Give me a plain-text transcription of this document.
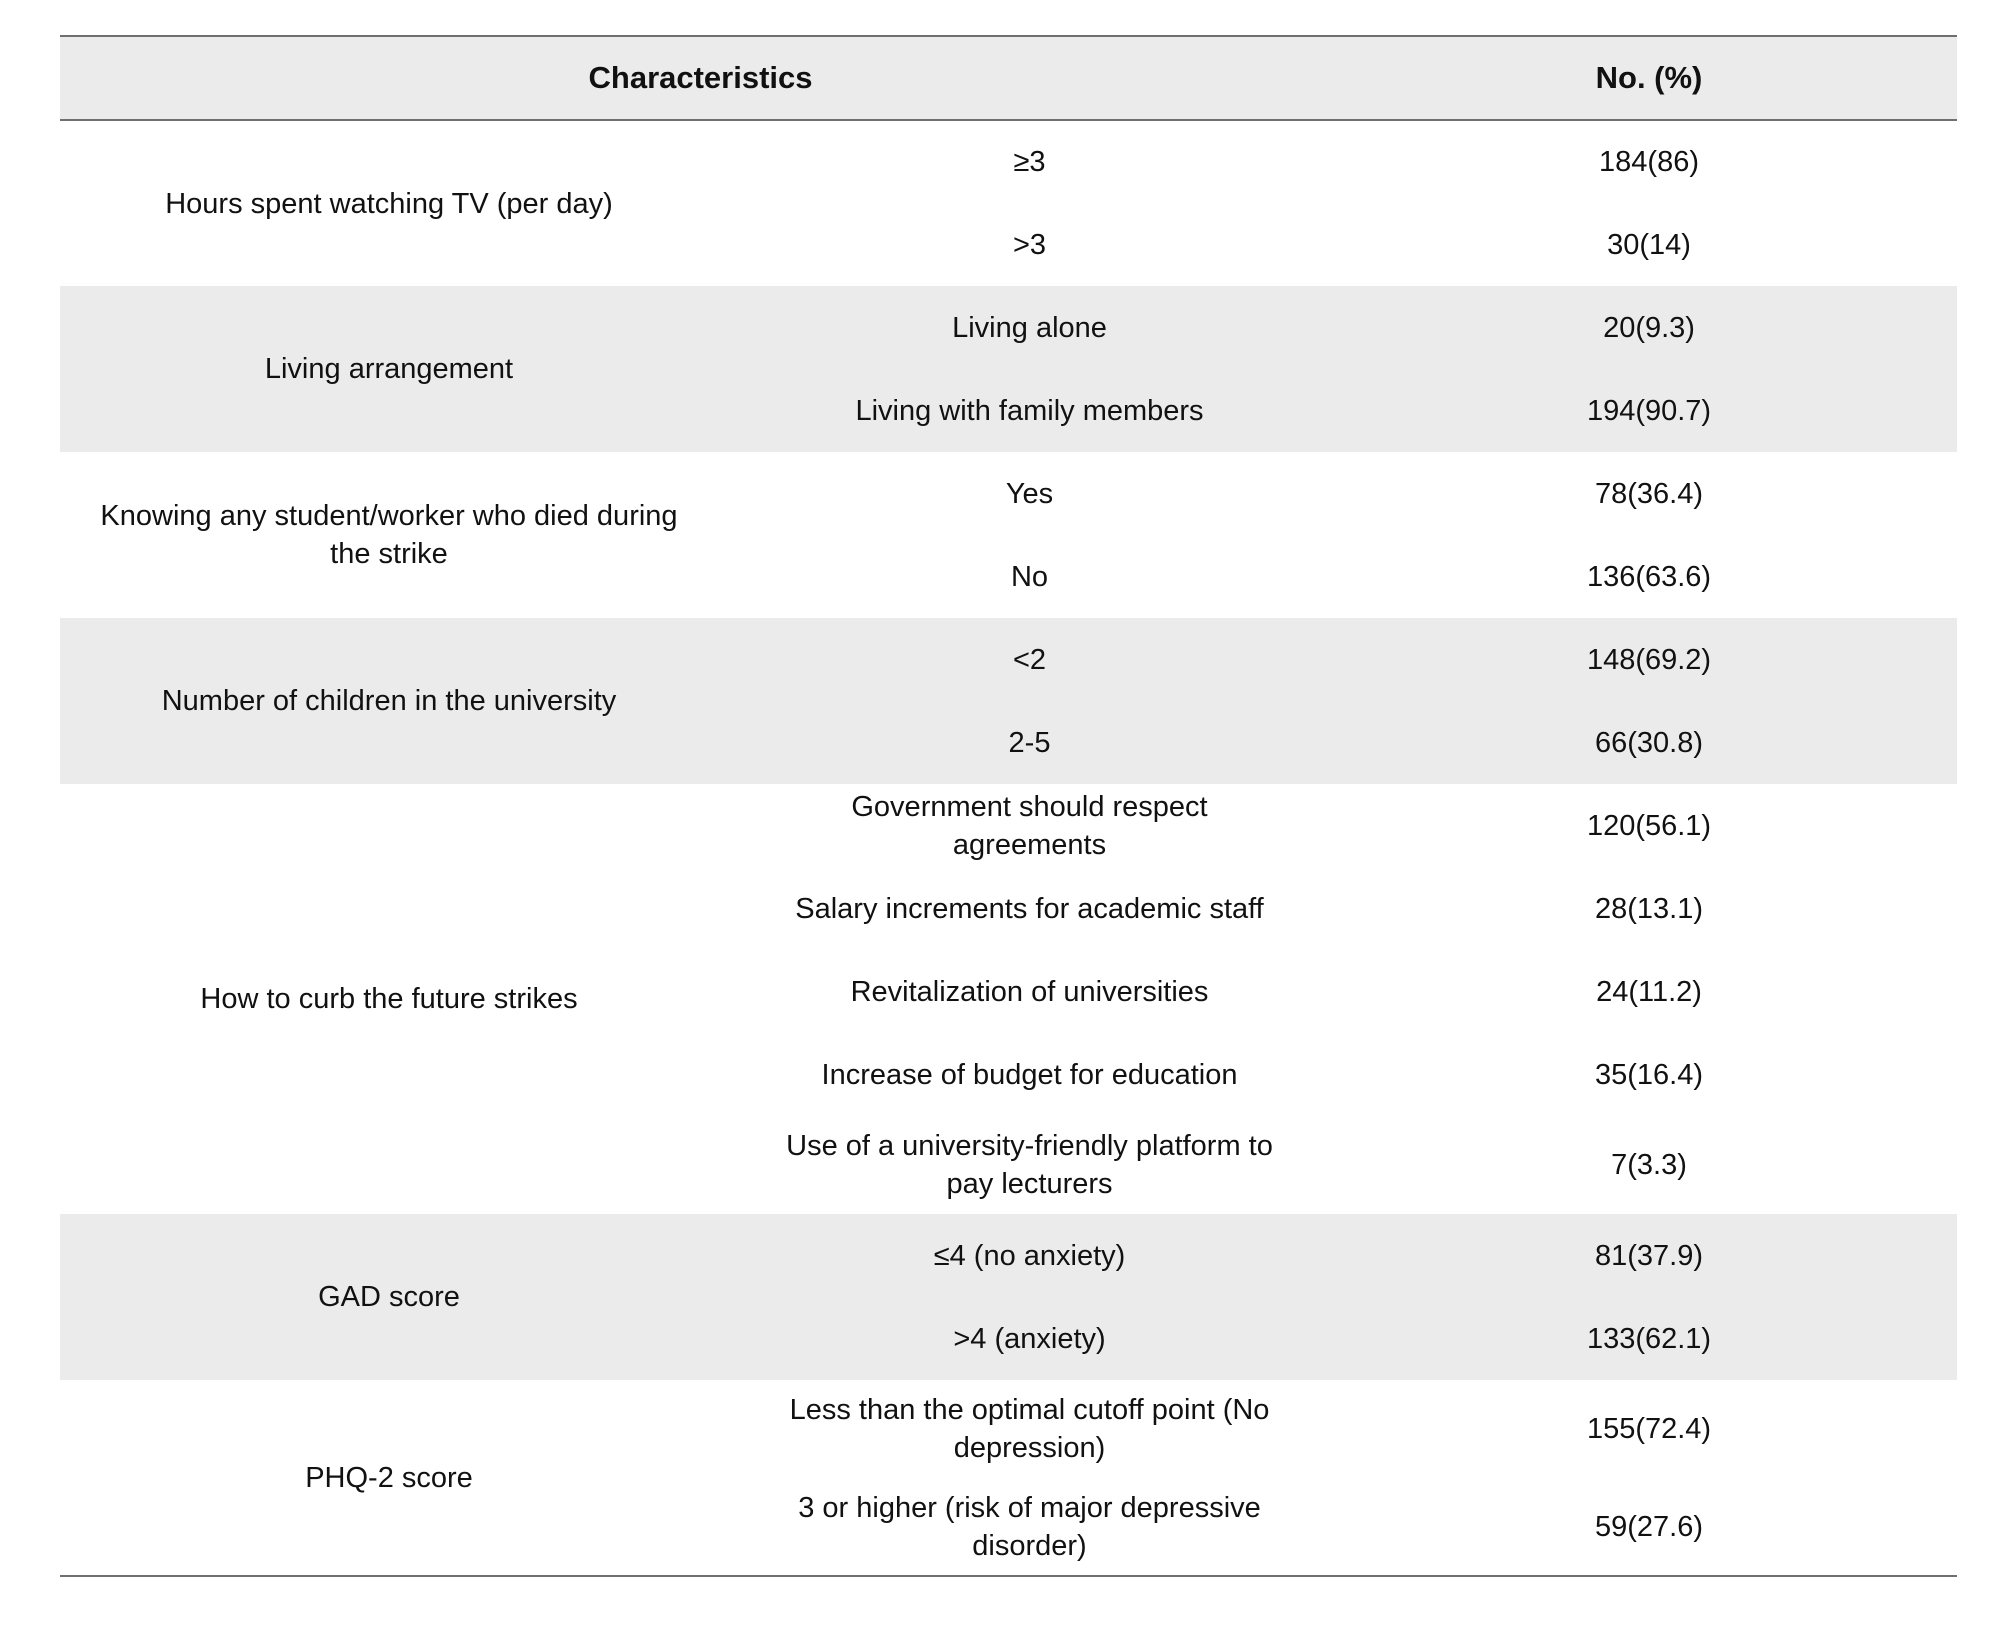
Characteristics		No. (%)
Hours spent watching TV (per day)	≥3	184(86)
	>3	30(14)
Living arrangement	Living alone	20(9.3)
	Living with family members	194(90.7)
Knowing any student/worker who died during the strike	Yes	78(36.4)
	No	136(63.6)
Number of children in the university	<2	148(69.2)
	2-5	66(30.8)
How to curb the future strikes	Government should respect agreements	120(56.1)
	Salary increments for academic staff	28(13.1)
	Revitalization of universities	24(11.2)
	Increase of budget for education	35(16.4)
	Use of a university-friendly platform to pay lecturers	7(3.3)
GAD score	≤4 (no anxiety)	81(37.9)
	>4 (anxiety)	133(62.1)
PHQ-2 score	Less than the optimal cutoff point (No depression)	155(72.4)
	3 or higher (risk of major depressive disorder)	59(27.6)
